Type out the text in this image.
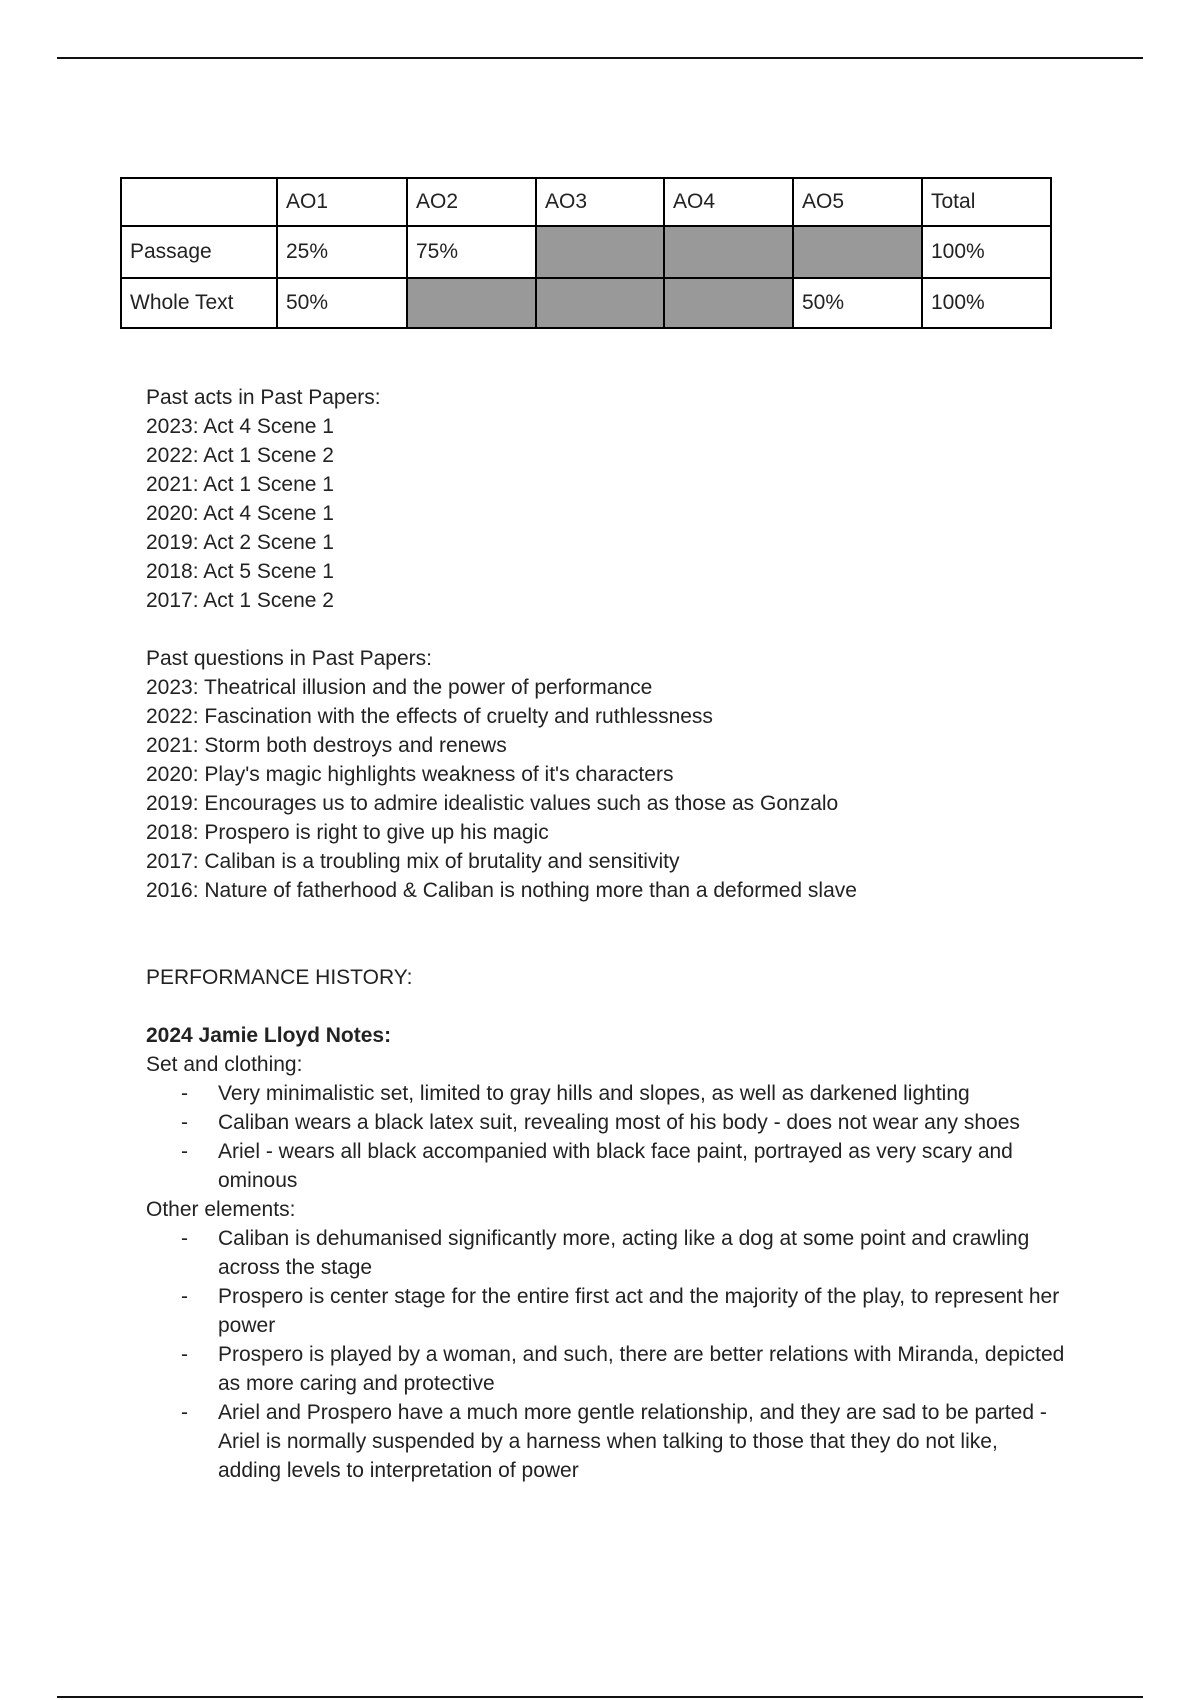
	AO1	AO2	AO3	AO4	AO5	Total
Passage	25%	75%				100%
Whole Text	50%				50%	100%

Past acts in Past Papers:

2023: Act 4 Scene 1

2022: Act 1 Scene 2

2021: Act 1 Scene 1

2020: Act 4 Scene 1

2019: Act 2 Scene 1

2018: Act 5 Scene 1

2017: Act 1 Scene 2

Past questions in Past Papers:

2023: Theatrical illusion and the power of performance

2022: Fascination with the effects of cruelty and ruthlessness

2021: Storm both destroys and renews

2020: Play's magic highlights weakness of it's characters

2019: Encourages us to admire idealistic values such as those as Gonzalo

2018: Prospero is right to give up his magic

2017: Caliban is a troubling mix of brutality and sensitivity

2016: Nature of fatherhood & Caliban is nothing more than a deformed slave

PERFORMANCE HISTORY:

2024 Jamie Lloyd Notes:

Set and clothing:

- Very minimalistic set, limited to gray hills and slopes, as well as darkened lighting
- Caliban wears a black latex suit, revealing most of his body - does not wear any shoes
- Ariel - wears all black accompanied with black face paint, portrayed as very scary and ominous

Other elements:

- Caliban is dehumanised significantly more, acting like a dog at some point and crawling across the stage
- Prospero is center stage for the entire first act and the majority of the play, to represent her power
- Prospero is played by a woman, and such, there are better relations with Miranda, depicted as more caring and protective
- Ariel and Prospero have a much more gentle relationship, and they are sad to be parted - Ariel is normally suspended by a harness when talking to those that they do not like, adding levels to interpretation of power
